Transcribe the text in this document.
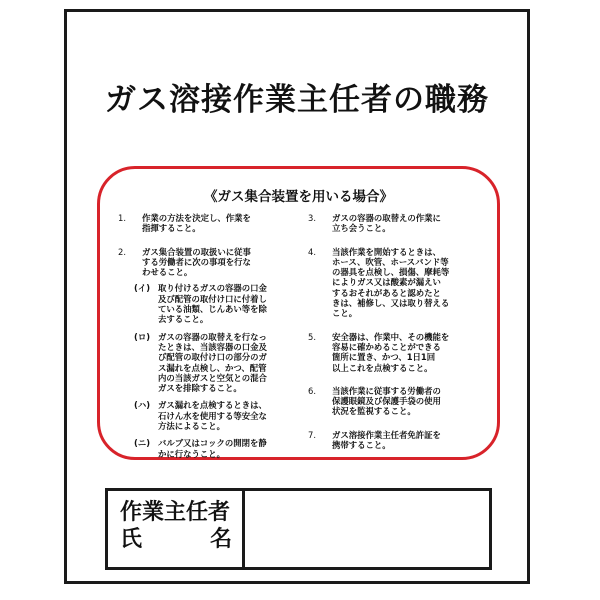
ガス溶接作業主任者の職務
《ガス集合装置を用いる場合》
1.	作業の方法を決定し、作業を
指揮すること。
2.	ガス集合装置の取扱いに従事
する労働者に次の事項を行な
わせること。
(イ) 取り付けるガスの容器の口金
及び配管の取付け口に付着し
ている油類、じんあい等を除
去すること。
(ロ) ガスの容器の取替えを行なっ
たときは、当該容器の口金及
び配管の取付け口の部分のガ
ス漏れを点検し、かつ、配管
内の当該ガスと空気との混合
ガスを排除すること。
(ハ) ガス漏れを点検するときは、
石けん水を使用する等安全な
方法によること。
(ニ) バルブ又はコックの開閉を静
かに行なうこと。
3.	ガスの容器の取替えの作業に
立ち会うこと。
4.	当該作業を開始するときは、
ホース、吹管、ホースバンド等
の器具を点検し、損傷、摩耗等
によりガス又は酸素が漏えい
するおそれがあると認めたと
きは、補修し、又は取り替える
こと。
5.	安全器は、作業中、その機能を
容易に確かめることができる
箇所に置き、かつ、1日1回
以上これを点検すること。
6.	当該作業に従事する労働者の
保護眼鏡及び保護手袋の使用
状況を監視すること。
7.	ガス溶接作業主任者免許証を
携帯すること。
作業主任者
氏	名
